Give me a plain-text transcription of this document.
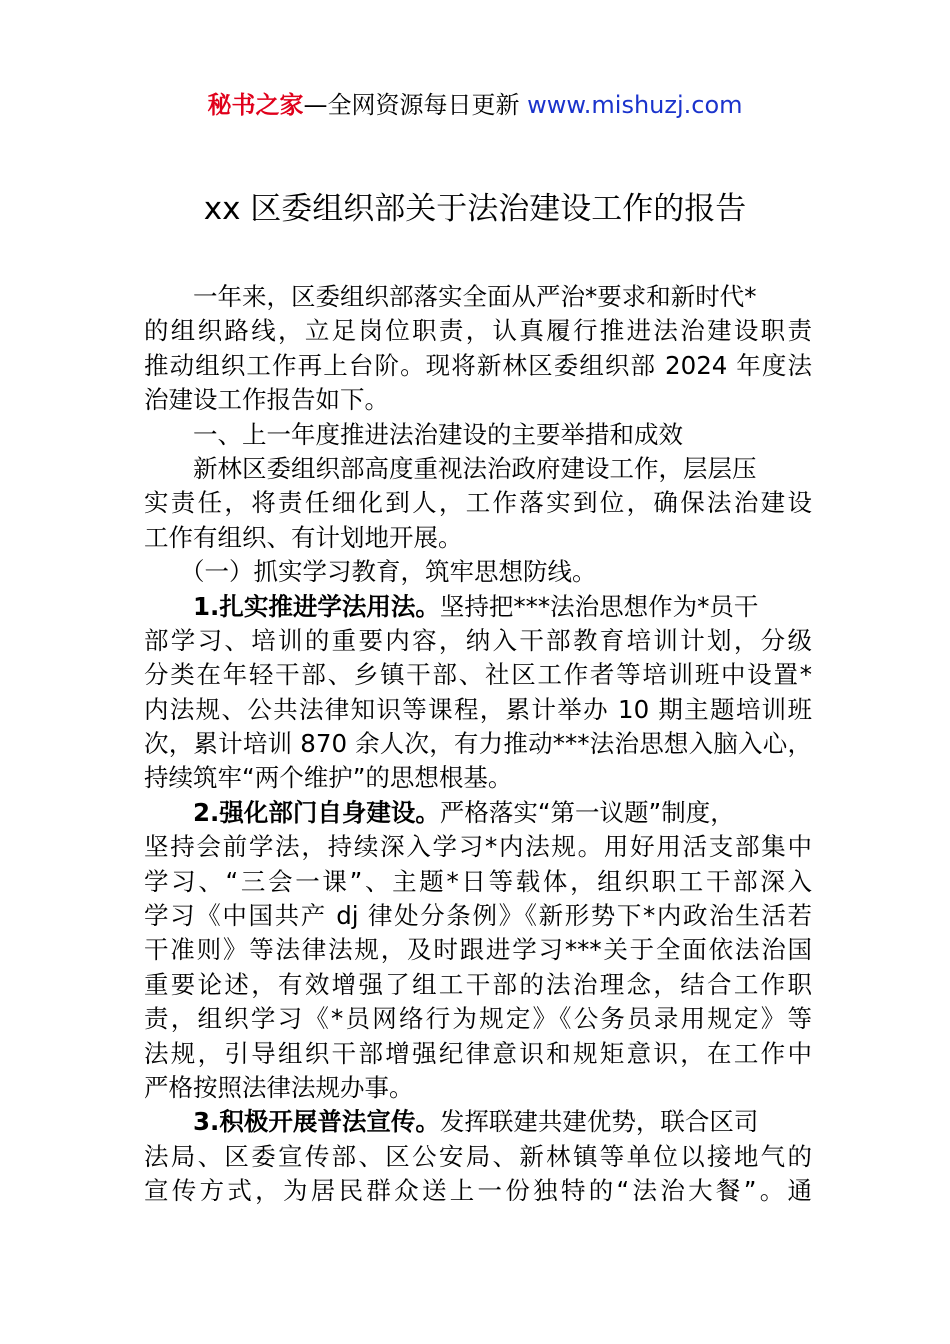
秘书之家—全网资源每日更新 www.mishuzj.com
xx 区委组织部关于法治建设工作的报告
一年来，区委组织部落实全面从严治*要求和新时代*
的组织路线，立足岗位职责，认真履行推进法治建设职责
推动组织工作再上台阶。现将新林区委组织部 2024 年度法
治建设工作报告如下。
一、上一年度推进法治建设的主要举措和成效
新林区委组织部高度重视法治政府建设工作，层层压
实责任，将责任细化到人，工作落实到位，确保法治建设
工作有组织、有计划地开展。
（一）抓实学习教育，筑牢思想防线。
1.扎实推进学法用法。坚持把***法治思想作为*员干
部学习、培训的重要内容，纳入干部教育培训计划，分级
分类在年轻干部、乡镇干部、社区工作者等培训班中设置*
内法规、公共法律知识等课程，累计举办 10 期主题培训班
次，累计培训 870 余人次，有力推动***法治思想入脑入心，
持续筑牢“两个维护”的思想根基。
2.强化部门自身建设。严格落实“第一议题”制度，
坚持会前学法，持续深入学习*内法规。用好用活支部集中
学习、“三会一课”、主题*日等载体，组织职工干部深入
学习《中国共产 dj 律处分条例》《新形势下*内政治生活若
干准则》等法律法规，及时跟进学习***关于全面依法治国
重要论述，有效增强了组工干部的法治理念，结合工作职
责，组织学习《*员网络行为规定》《公务员录用规定》等
法规，引导组织干部增强纪律意识和规矩意识，在工作中
严格按照法律法规办事。
3.积极开展普法宣传。发挥联建共建优势，联合区司
法局、区委宣传部、区公安局、新林镇等单位以接地气的
宣传方式，为居民群众送上一份独特的“法治大餐”。通
